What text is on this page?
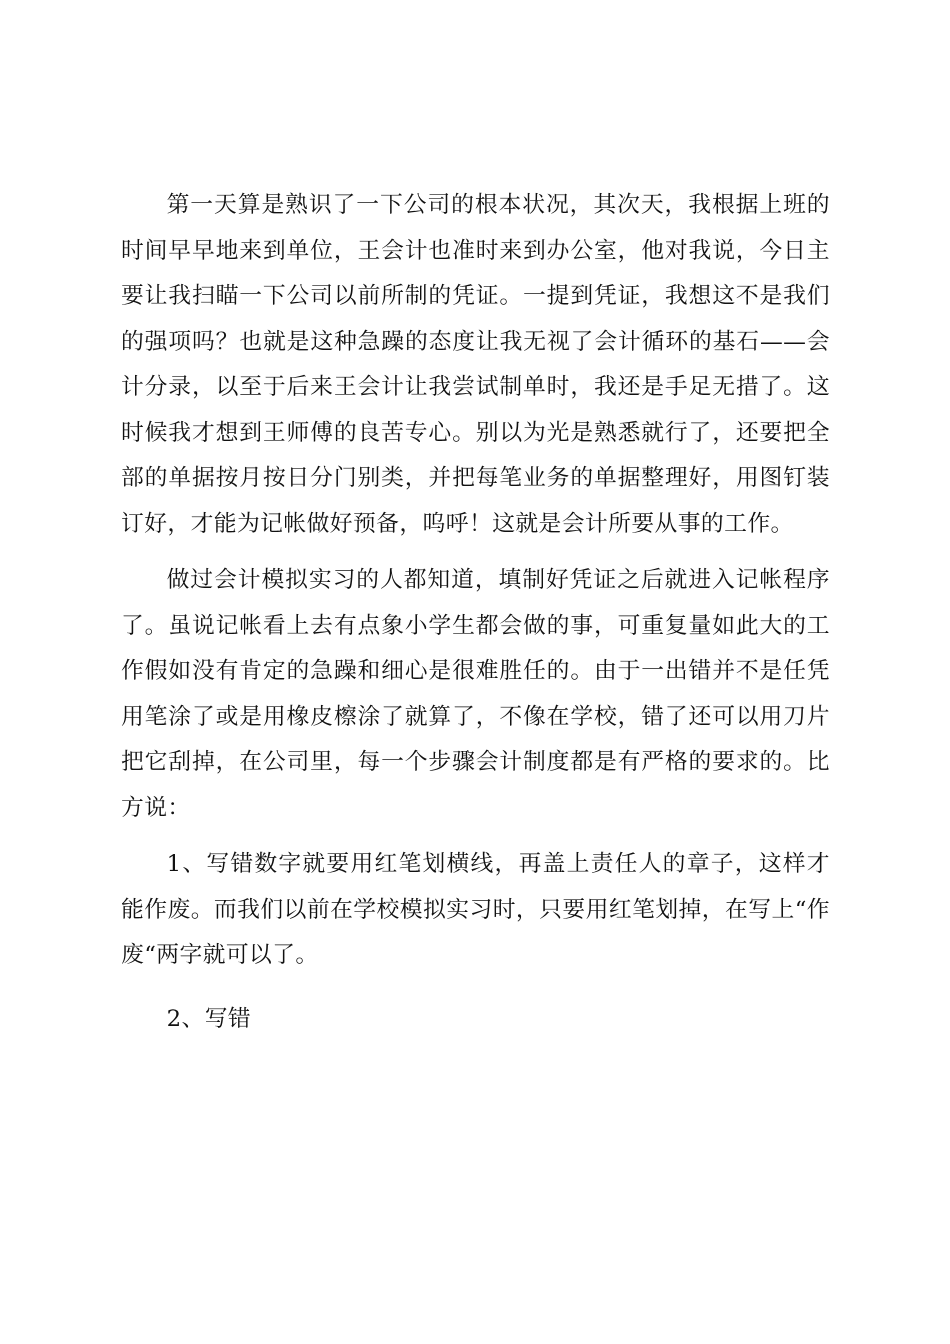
第一天算是熟识了一下公司的根本状况，其次天，我根据上班的时间早早地来到单位，王会计也准时来到办公室，他对我说，今日主要让我扫瞄一下公司以前所制的凭证。一提到凭证，我想这不是我们的强项吗？也就是这种急躁的态度让我无视了会计循环的基石——会计分录，以至于后来王会计让我尝试制单时，我还是手足无措了。这时候我才想到王师傅的良苦专心。别以为光是熟悉就行了，还要把全部的单据按月按日分门别类，并把每笔业务的单据整理好，用图钉装订好，才能为记帐做好预备，呜呼！这就是会计所要从事的工作。

做过会计模拟实习的人都知道，填制好凭证之后就进入记帐程序了。虽说记帐看上去有点象小学生都会做的事，可重复量如此大的工作假如没有肯定的急躁和细心是很难胜任的。由于一出错并不是任凭用笔涂了或是用橡皮檫涂了就算了，不像在学校，错了还可以用刀片把它刮掉，在公司里，每一个步骤会计制度都是有严格的要求的。比方说：

1、写错数字就要用红笔划横线，再盖上责任人的章子，这样才能作废。而我们以前在学校模拟实习时，只要用红笔划掉，在写上“作废“两字就可以了。

2、写错
